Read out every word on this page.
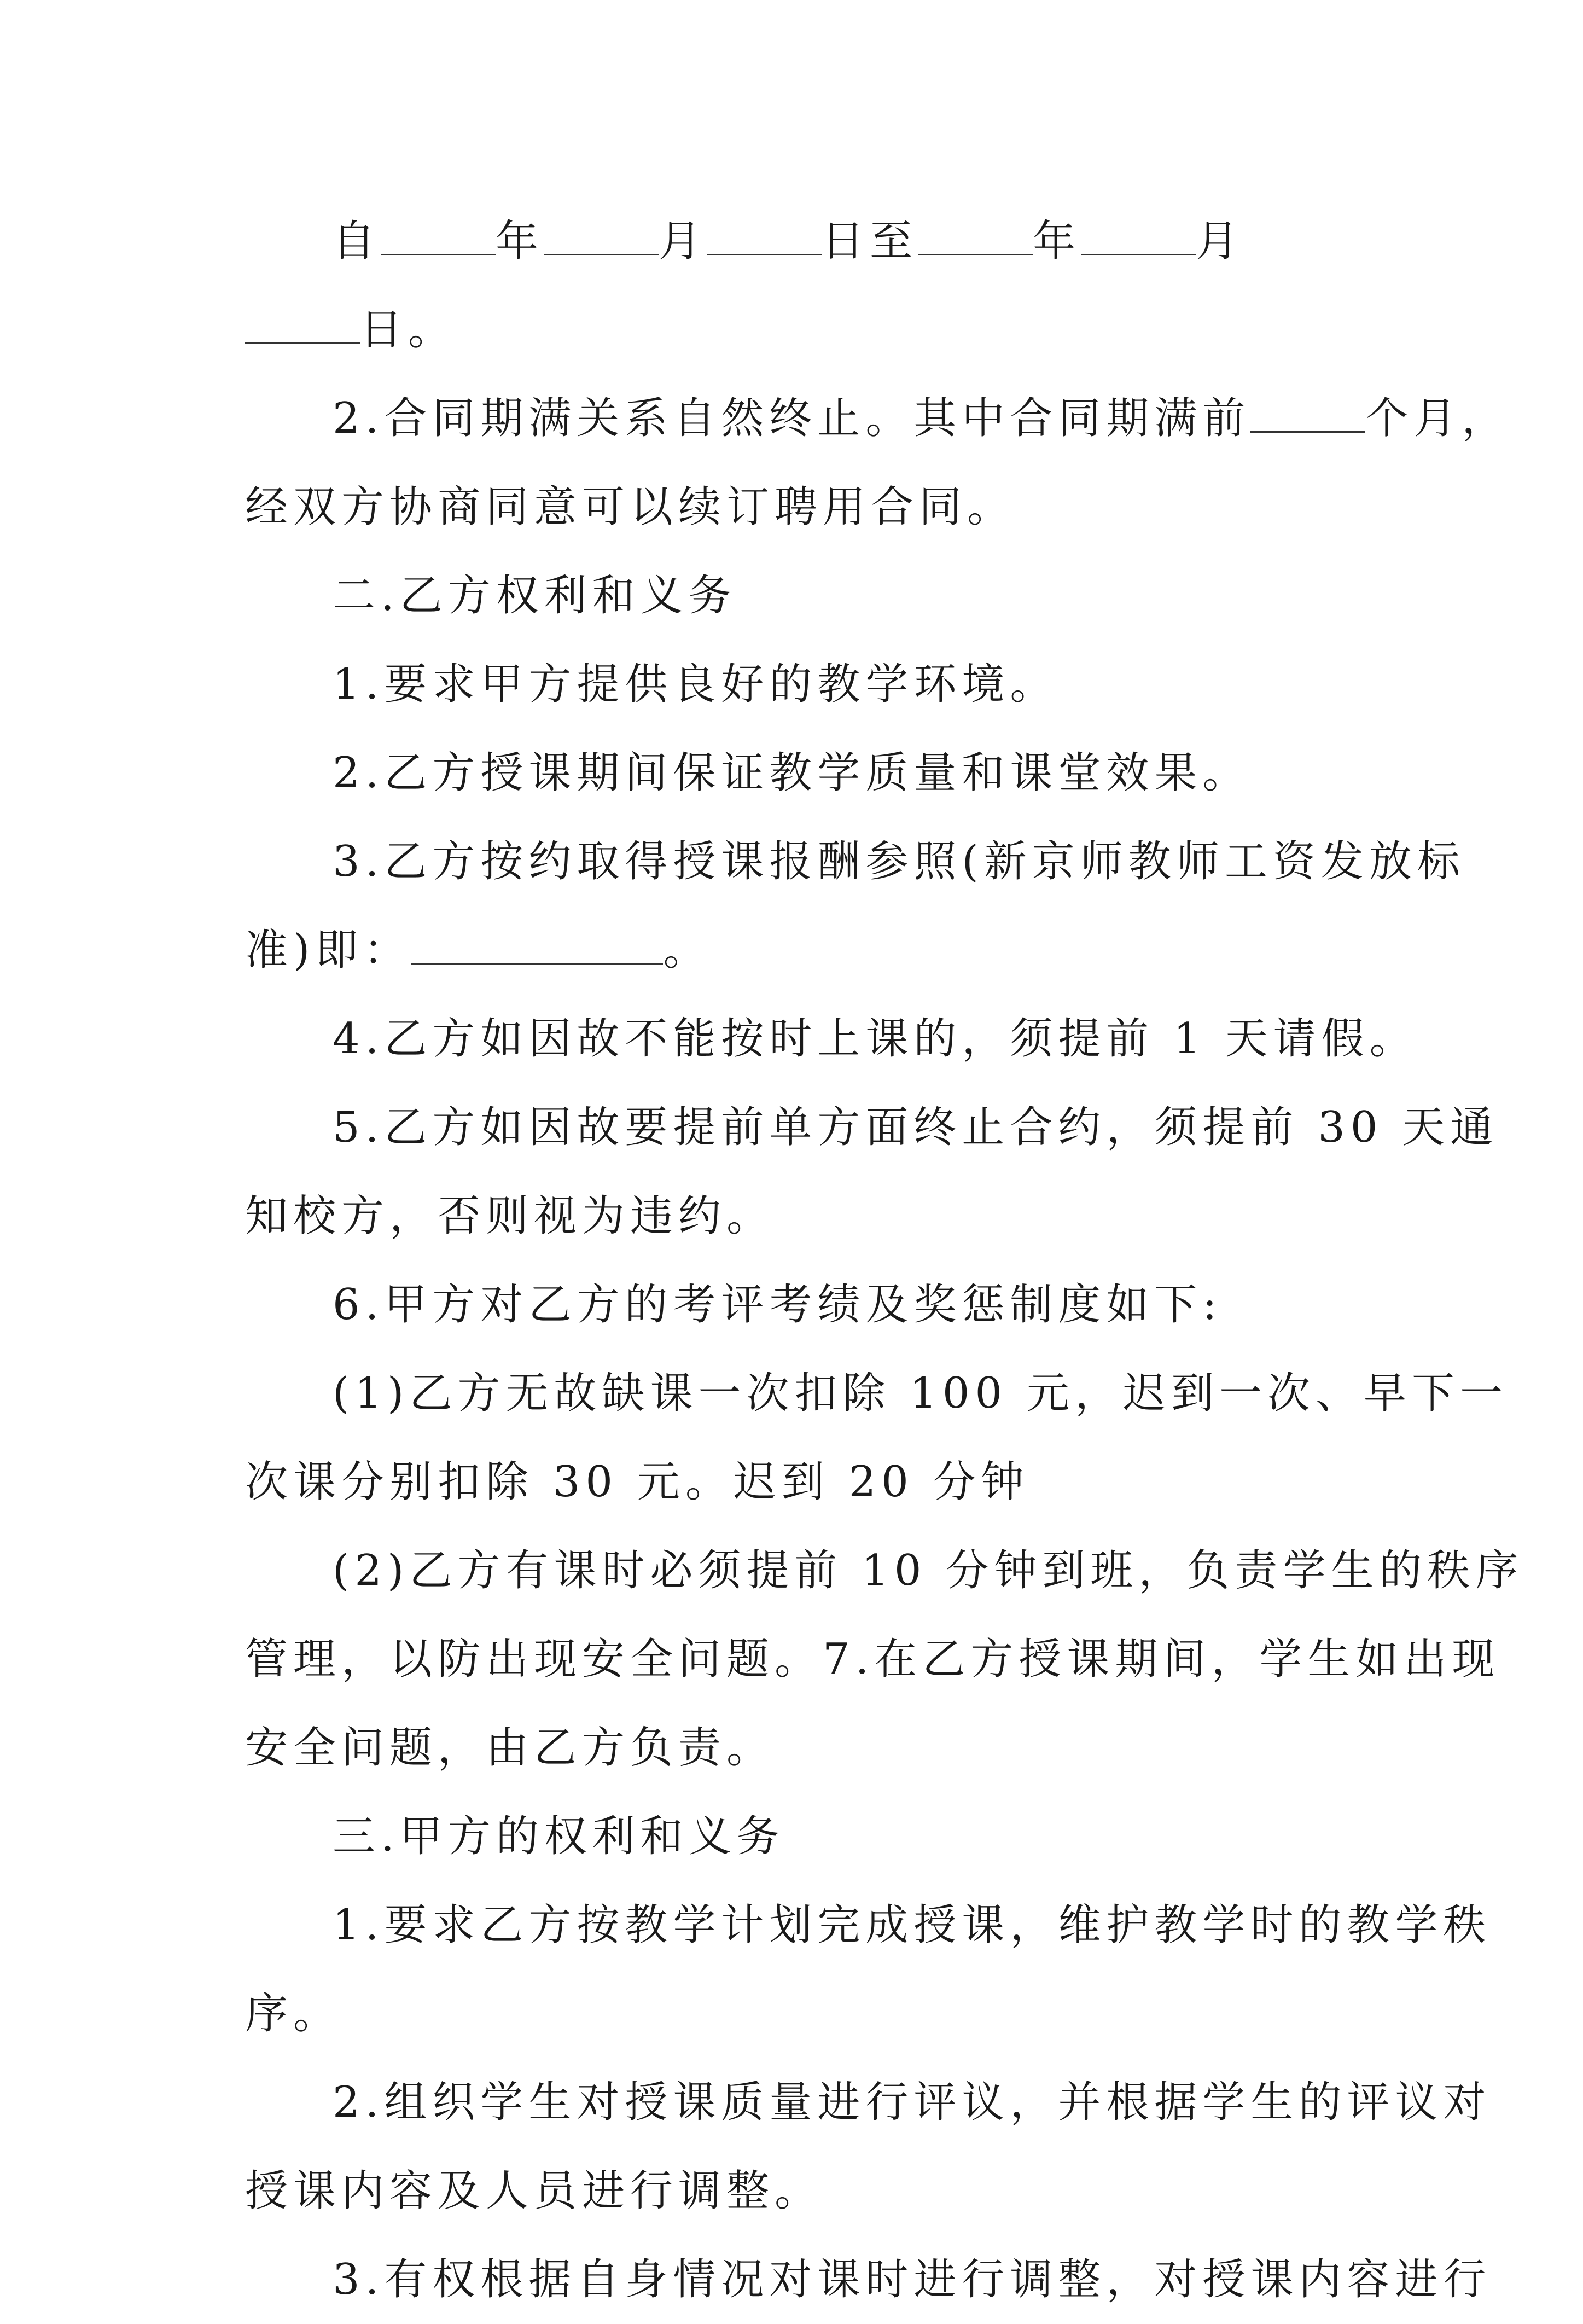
自	年	月	日至	年	月
日。
2.合同期满关系自然终止。其中合同期满前	个月，
经双方协商同意可以续订聘用合同。
二.乙方权利和义务
1.要求甲方提供良好的教学环境。
2.乙方授课期间保证教学质量和课堂效果。
3.乙方按约取得授课报酬参照(新京师教师工资发放标
准)即：	。
4.乙方如因故不能按时上课的，须提前 1 天请假。
5.乙方如因故要提前单方面终止合约，须提前 30 天通
知校方，否则视为违约。
6.甲方对乙方的考评考绩及奖惩制度如下:
(1)乙方无故缺课一次扣除 100 元，迟到一次、早下一
次课分别扣除 30 元。迟到 20 分钟
(2)乙方有课时必须提前 10 分钟到班，负责学生的秩序
管理，以防出现安全问题。7.在乙方授课期间，学生如出现
安全问题，由乙方负责。
三.甲方的权利和义务
1.要求乙方按教学计划完成授课，维护教学时的教学秩
序。
2.组织学生对授课质量进行评议，并根据学生的评议对
授课内容及人员进行调整。
3.有权根据自身情况对课时进行调整，对授课内容进行
